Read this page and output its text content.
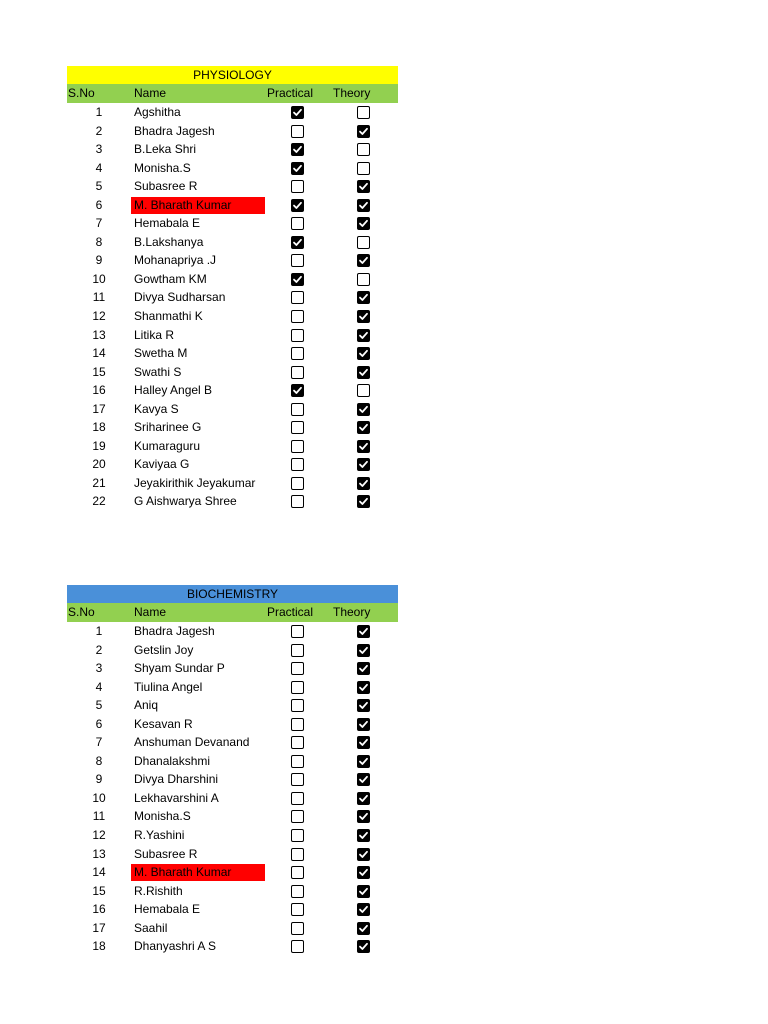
PHYSIOLOGY
S.No	Name	Practical Theory
1	Agshitha
2	Bhadra Jagesh
3	B.Leka Shri
4	Monisha.S
5	Subasree R
6	M. Bharath Kumar
7	Hemabala E
8	B.Lakshanya
9	Mohanapriya .J
10	Gowtham KM
11	Divya Sudharsan
12	Shanmathi K
13	Litika R
14	Swetha M
15	Swathi S
16	Halley Angel B
17	Kavya S
18	Sriharinee G
19	Kumaraguru
20	Kaviyaa G
21	Jeyakirithik Jeyakumar
22	G Aishwarya Shree
BIOCHEMISTRY
S.No	Name	Practical Theory
1	Bhadra Jagesh
2	Getslin Joy
3	Shyam Sundar P
4	Tiulina Angel
5	Aniq
6	Kesavan R
7	Anshuman Devanand
8	Dhanalakshmi
9	Divya Dharshini
10	Lekhavarshini A
11	Monisha.S
12	R.Yashini
13	Subasree R
14	M. Bharath Kumar
15	R.Rishith
16	Hemabala E
17	Saahil
18	Dhanyashri A S
